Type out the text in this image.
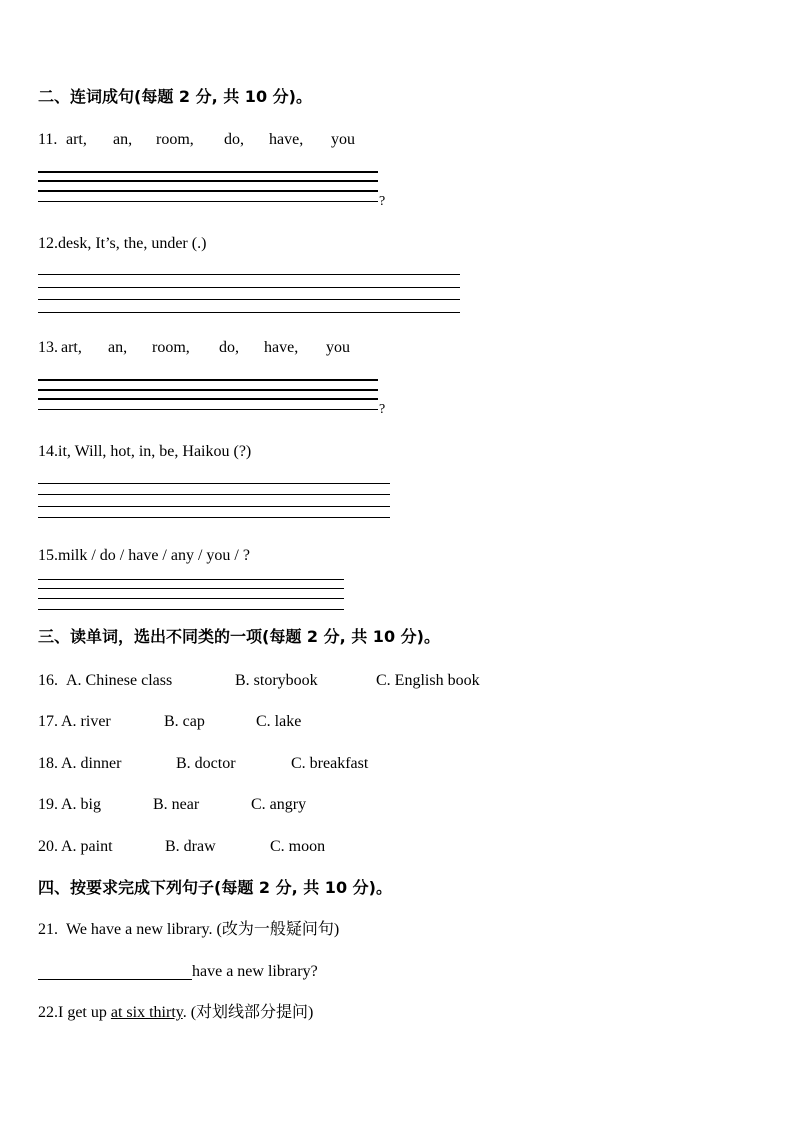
二、连词成句(每题 2 分, 共 10 分)。
11. art, an, room, do, have, you
?
12.desk, It’s, the, under (.)
13. art, an, room, do, have, you
?
14.it, Will, hot, in, be, Haikou (?)
15.milk / do / have / any / you / ?
三、读单词，选出不同类的一项(每题 2 分, 共 10 分)。
16. A. Chinese class	B. storybook	C. English book
17. A. river	B. cap	C. lake
18. A. dinner	B. doctor	C. breakfast
19. A. big	B. near	C. angry
20. A. paint	B. draw	C. moon
四、按要求完成下列句子(每题 2 分, 共 10 分)。
21. We have a new library. (改为一般疑问句)
have a new library?
22.I get up at six thirty. (对划线部分提问)
